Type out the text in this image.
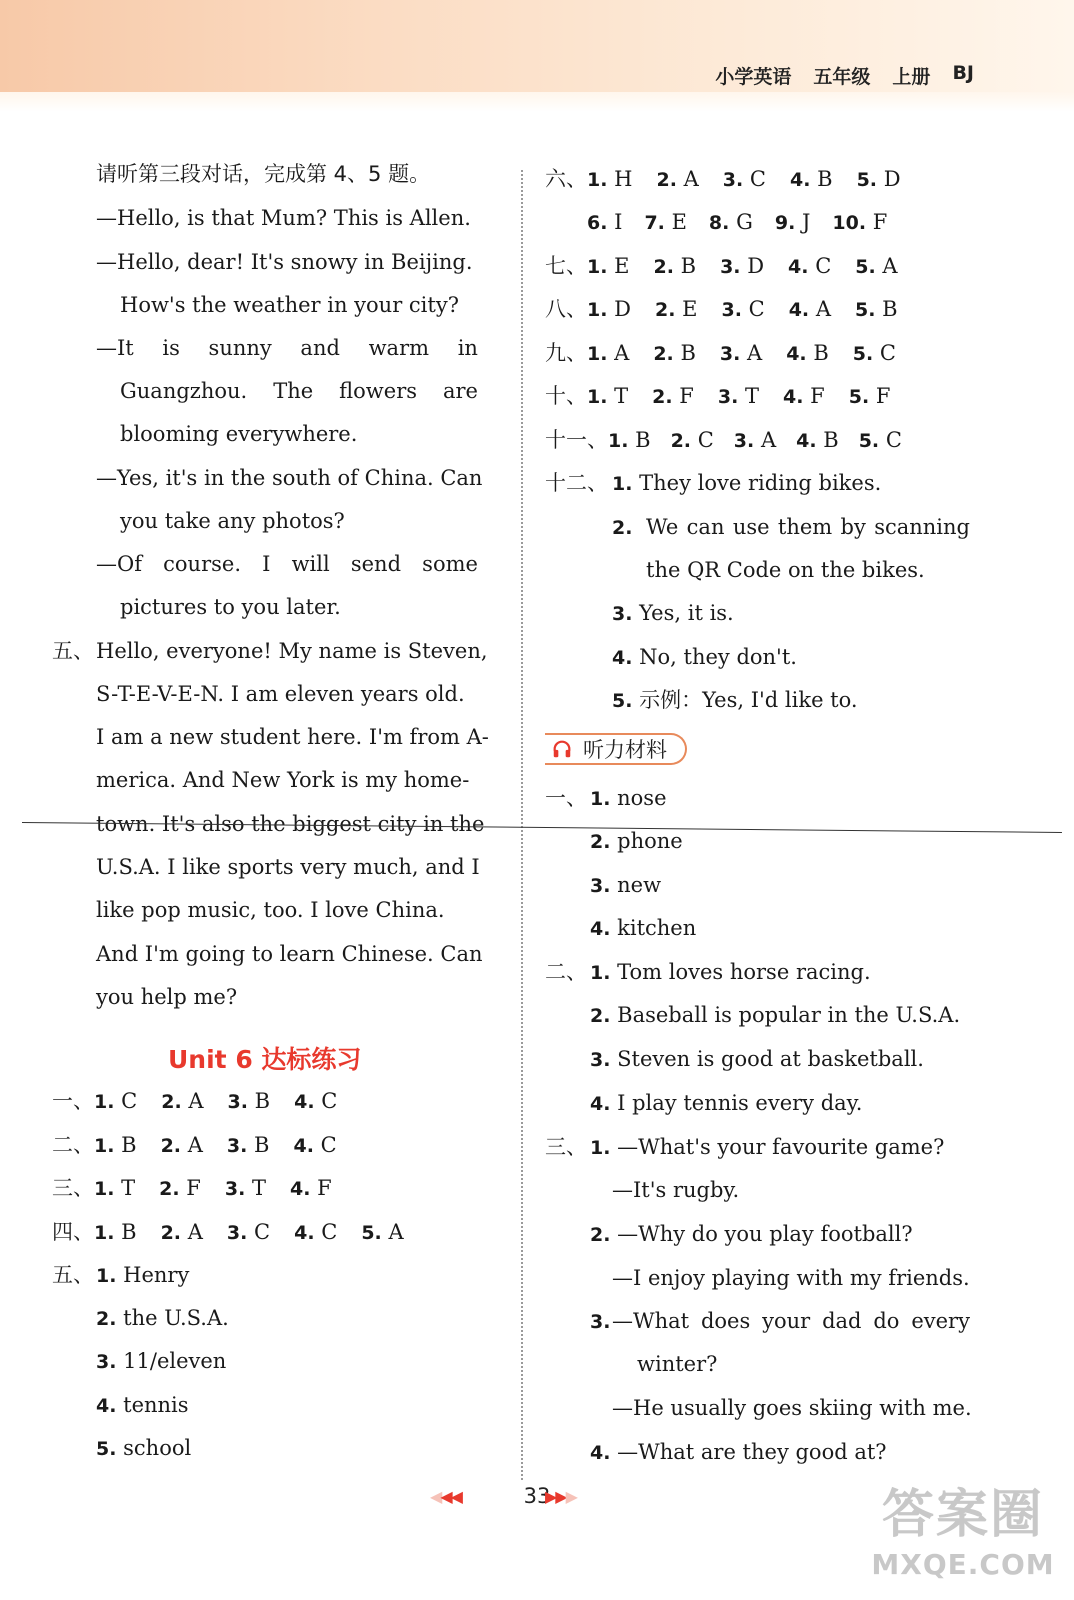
小学英语 五年级 上册 BJ
请听第三段对话，完成第 4、5 题。
—Hello, is that Mum? This is Allen.
—Hello, dear! It's snowy in Beijing.
How's the weather in your city?
—It is sunny and warm in
Guangzhou. The flowers are
blooming everywhere.
—Yes, it's in the south of China. Can
you take any photos?
—Of course. I will send some
pictures to you later.
五、 Hello, everyone! My name is Steven,
S-T-E-V-E-N. I am eleven years old.
I am a new student here. I'm from A-
merica. And New York is my home-
town. It's also the biggest city in the
U.S.A. I like sports very much, and I
like pop music, too. I love China.
And I'm going to learn Chinese. Can
you help me?
Unit 6 达标练习
一、 1. C 2. A 3. B 4. C
二、 1. B 2. A 3. B 4. C
三、 1. T 2. F 3. T 4. F
四、 1. B 2. A 3. C 4. C 5. A
五、 1. Henry
2. the U.S.A.
3. 11/eleven
4. tennis
5. school
六、 1. H 2. A 3. C 4. B 5. D
6. I 7. E 8. G 9. J 10. F
七、 1. E 2. B 3. D 4. C 5. A
八、 1. D 2. E 3. C 4. A 5. B
九、 1. A 2. B 3. A 4. B 5. C
十、 1. T 2. F 3. T 4. F 5. F
十一、 1. B 2. C 3. A 4. B 5. C
十二、 1. They love riding bikes.
2. We can use them by scanning
the QR Code on the bikes.
3. Yes, it is.
4. No, they don't.
5. 示例：Yes, I'd like to.
听力材料
一、 1. nose
2. phone
3. new
4. kitchen
二、 1. Tom loves horse racing.
2. Baseball is popular in the U.S.A.
3. Steven is good at basketball.
4. I play tennis every day.
三、 1. —What's your favourite game?
—It's rugby.
2. —Why do you play football?
—I enjoy playing with my friends.
3. —What does your dad do every
winter?
—He usually goes skiing with me.
4. —What are they good at?
◀◀◀	33
▶▶▶	答案圈
MXQE.COM
